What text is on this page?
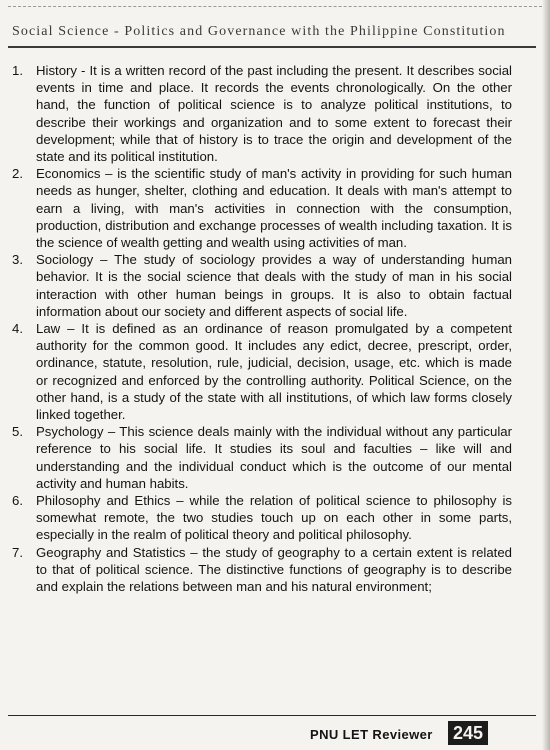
Social Science - Politics and Governance with the Philippine Constitution

1. History - It is a written record of the past including the present. It describes social events in time and place. It records the events chronologically. On the other hand, the function of political science is to analyze political institutions, to describe their workings and organization and to some extent to forecast their development; while that of history is to trace the origin and development of the state and its political institution.

2. Economics – is the scientific study of man's activity in providing for such human needs as hunger, shelter, clothing and education. It deals with man's attempt to earn a living, with man's activities in connection with the consumption, production, distribution and exchange processes of wealth including taxation. It is the science of wealth getting and wealth using activities of man.

3. Sociology – The study of sociology provides a way of understanding human behavior. It is the social science that deals with the study of man in his social interaction with other human beings in groups. It is also to obtain factual information about our society and different aspects of social life.

4. Law – It is defined as an ordinance of reason promulgated by a competent authority for the common good. It includes any edict, decree, prescript, order, ordinance, statute, resolution, rule, judicial, decision, usage, etc. which is made or recognized and enforced by the controlling authority. Political Science, on the other hand, is a study of the state with all institutions, of which law forms closely linked together.

5. Psychology – This science deals mainly with the individual without any particular reference to his social life. It studies its soul and faculties – like will and understanding and the individual conduct which is the outcome of our mental activity and human habits.

6. Philosophy and Ethics – while the relation of political science to philosophy is somewhat remote, the two studies touch up on each other in some parts, especially in the realm of political theory and political philosophy.

7. Geography and Statistics – the study of geography to a certain extent is related to that of political science. The distinctive functions of geography is to describe and explain the relations between man and his natural environment;

PNU LET Reviewer 245
